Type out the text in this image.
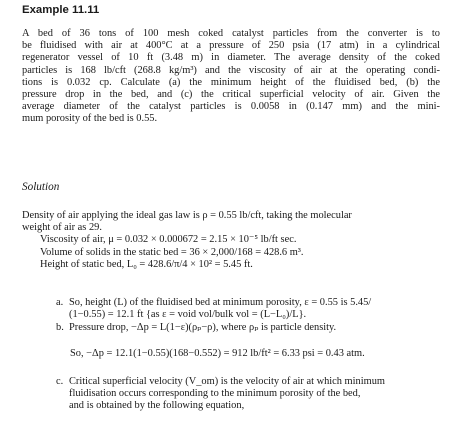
Example 11.11
A bed of 36 tons of 100 mesh coked catalyst particles from the converter is to
be fluidised with air at 400°C at a pressure of 250 psia (17 atm) in a cylindrical
regenerator vessel of 10 ft (3.48 m) in diameter. The average density of the coked
particles is 168 lb/cft (268.8 kg/m³) and the viscosity of air at the operating condi-
tions is 0.032 cp. Calculate (a) the minimum height of the fluidised bed, (b) the
pressure drop in the bed, and (c) the critical superficial velocity of air. Given the
average diameter of the catalyst particles is 0.0058 in (0.147 mm) and the mini-
mum porosity of the bed is 0.55.
Solution
Density of air applying the ideal gas law is ρ = 0.55 lb/cft, taking the molecular
weight of air as 29.
Viscosity of air, μ = 0.032 × 0.000672 = 2.15 × 10⁻⁵ lb/ft sec.
Volume of solids in the static bed = 36 × 2,000/168 = 428.6 m³.
Height of static bed, L₀ = 428.6/π/4 × 10² = 5.45 ft.
a. So, height (L) of the fluidised bed at minimum porosity, ε = 0.55 is 5.45/
(1−0.55) = 12.1 ft {as ε = void vol/bulk vol = (L−L₀)/L}.
b. Pressure drop, −Δp = L(1−ε)(ρₚ−ρ), where ρₚ is particle density.
So, −Δp = 12.1(1−0.55)(168−0.552) = 912 lb/ft² = 6.33 psi = 0.43 atm.
c. Critical superficial velocity (V_om) is the velocity of air at which minimum
fluidisation occurs corresponding to the minimum porosity of the bed,
and is obtained by the following equation,
